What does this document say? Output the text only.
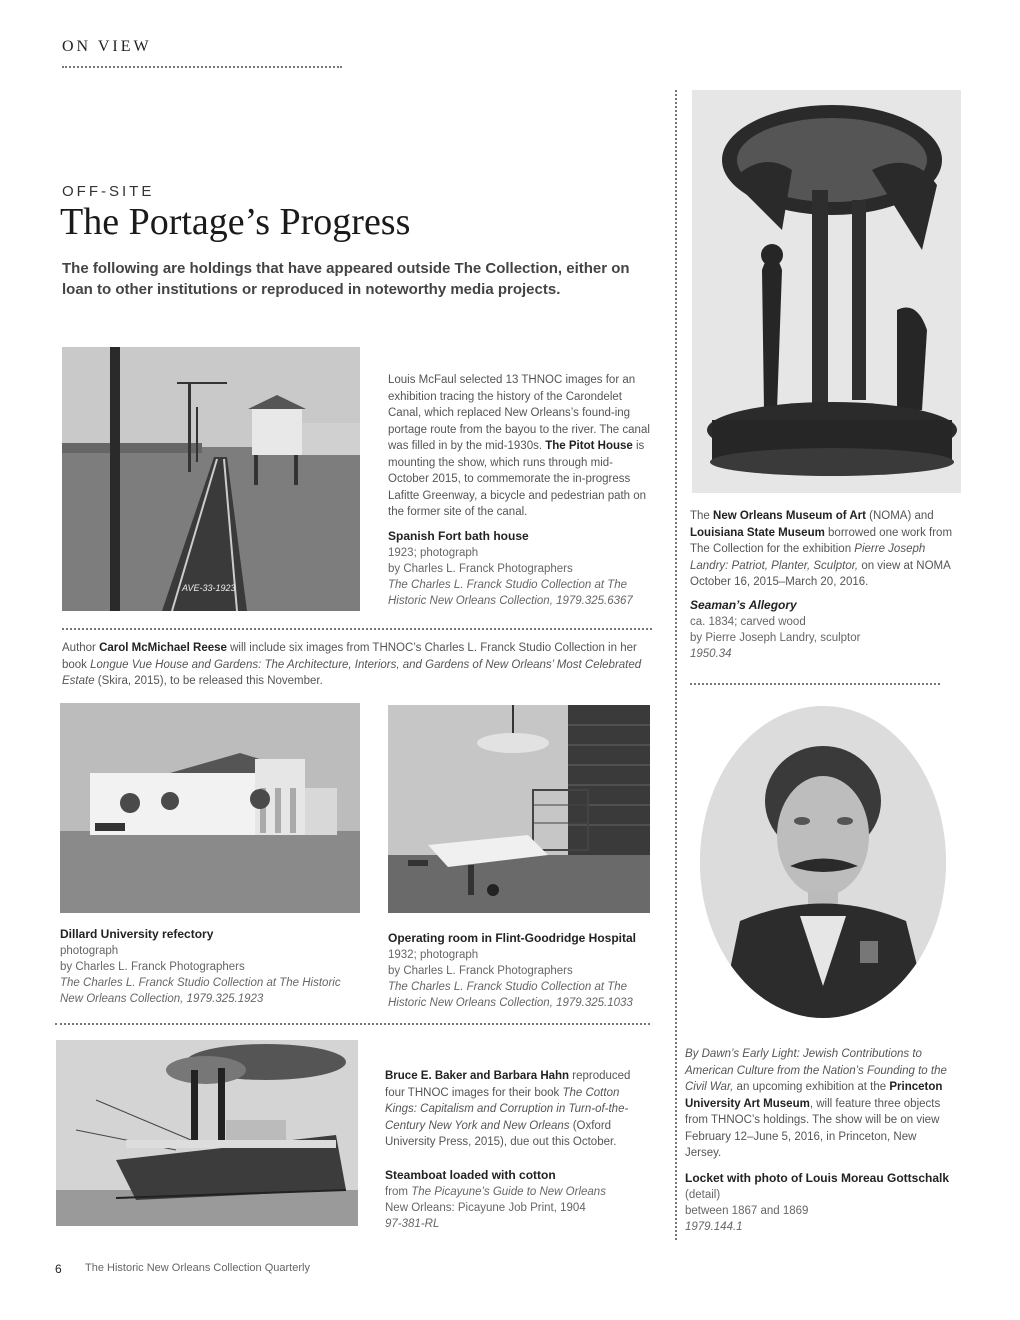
ON VIEW
OFF-SITE
The Portage’s Progress
The following are holdings that have appeared outside The Collection, either on loan to other institutions or reproduced in noteworthy media projects.
AVE-33-1923
Louis McFaul selected 13 THNOC images for an exhibition tracing the history of the Carondelet Canal, which replaced New Orleans’s found-ing portage route from the bayou to the river. The canal was filled in by the mid-1930s. The Pitot House is mounting the show, which runs through mid-October 2015, to commemorate the in-progress Lafitte Greenway, a bicycle and pedestrian path on the former site of the canal.
Spanish Fort bath house
1923; photograph
by Charles L. Franck Photographers
The Charles L. Franck Studio Collection at The Historic New Orleans Collection, 1979.325.6367
Author Carol McMichael Reese will include six images from THNOC’s Charles L. Franck Studio Collection in her book Longue Vue House and Gardens: The Architecture, Interiors, and Gardens of New Orleans’ Most Celebrated Estate (Skira, 2015), to be released this November.
Dillard University refectory
photograph
by Charles L. Franck Photographers
The Charles L. Franck Studio Collection at The Historic New Orleans Collection, 1979.325.1923
Operating room in Flint-Goodridge Hospital
1932; photograph
by Charles L. Franck Photographers
The Charles L. Franck Studio Collection at The Historic New Orleans Collection, 1979.325.1033
Bruce E. Baker and Barbara Hahn reproduced four THNOC images for their book The Cotton Kings: Capitalism and Corruption in Turn-of-the-Century New York and New Orleans (Oxford University Press, 2015), due out this October.
Steamboat loaded with cotton
from The Picayune’s Guide to New Orleans
New Orleans: Picayune Job Print, 1904
97-381-RL
The New Orleans Museum of Art (NOMA) and Louisiana State Museum borrowed one work from The Collection for the exhibition Pierre Joseph Landry: Patriot, Planter, Sculptor, on view at NOMA October 16, 2015–March 20, 2016.
Seaman’s Allegory
ca. 1834; carved wood
by Pierre Joseph Landry, sculptor
1950.34
By Dawn’s Early Light: Jewish Contributions to American Culture from the Nation’s Founding to the Civil War, an upcoming exhibition at the Princeton University Art Museum, will feature three objects from THNOC’s holdings. The show will be on view February 12–June 5, 2016, in Princeton, New Jersey.
Locket with photo of Louis Moreau Gottschalk
(detail)
between 1867 and 1869
1979.144.1
6 The Historic New Orleans Collection Quarterly
